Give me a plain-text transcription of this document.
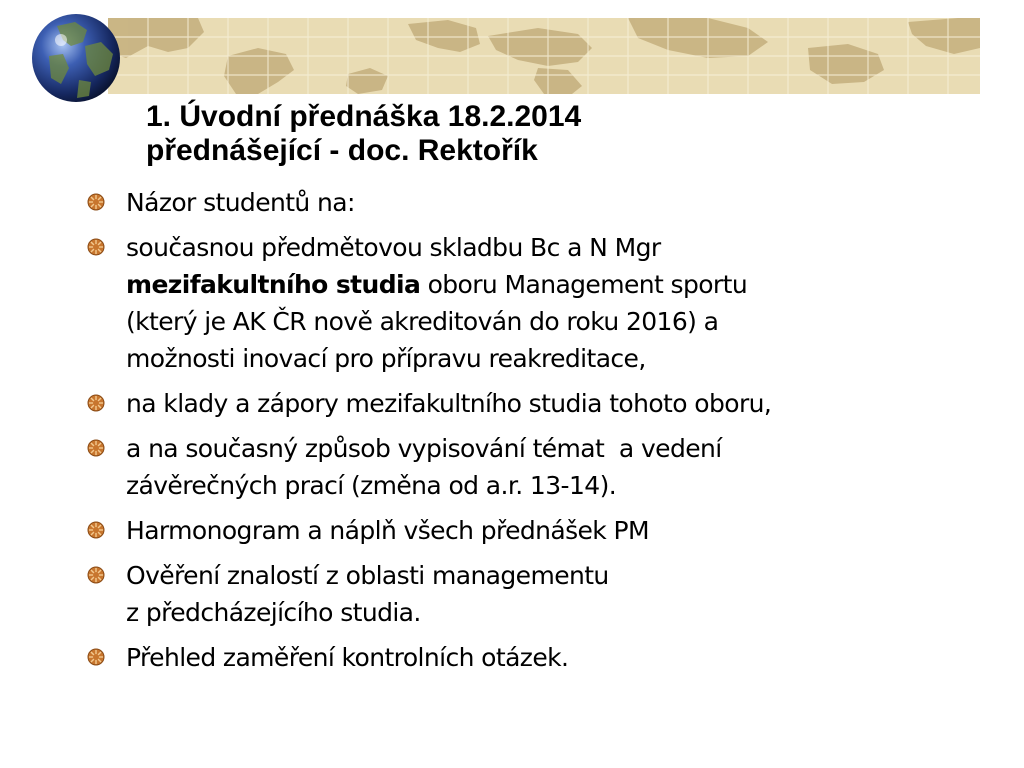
1. Úvodní přednáška 18.2.2014
přednášející - doc. Rektořík
Názor studentů na:
současnou předmětovou skladbu Bc a N Mgr
mezifakultního studia oboru Management sportu
(který je AK ČR nově akreditován do roku 2016) a
možnosti inovací pro přípravu reakreditace,
na klady a zápory mezifakultního studia tohoto oboru,
a na současný způsob vypisování témat  a vedení
závěrečných prací (změna od a.r. 13-14).
Harmonogram a náplň všech přednášek PM
Ověření znalostí z oblasti managementu
z předcházejícího studia.
Přehled zaměření kontrolních otázek.
